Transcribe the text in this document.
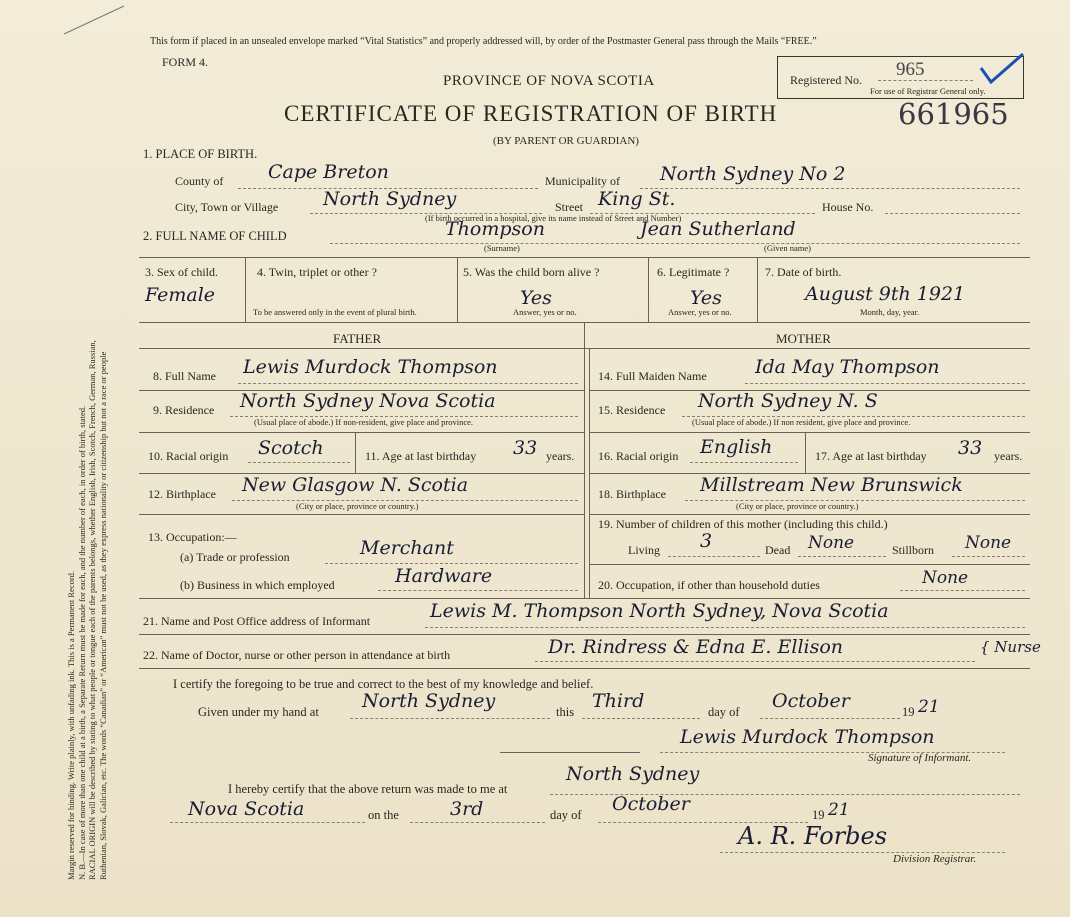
Margin reserved for binding. Write plainly, with unfading ink. This is a Permanent Record. N. B.—In case of more than one child at a birth, a Separate Return must be made for each, and the number of each, in order of birth, stated. RACIAL ORIGIN will be described by stating to what people or tongue each of the parents belongs, whether English, Irish, Scotch, French, German, Russian, Ruthenian, Slovak, Galician, etc. The words “Canadian” or “American” must not be used, as they express nationality or citizenship but not a race or people
This form if placed in an unsealed envelope marked “Vital Statistics” and properly addressed will, by order of the Postmaster General pass through the Mails “FREE.”
FORM 4.
PROVINCE OF NOVA SCOTIA
CERTIFICATE OF REGISTRATION OF BIRTH
(BY PARENT OR GUARDIAN)
661965
Registered No. 965
For use of Registrar General only.
1. PLACE OF BIRTH.
County of Cape Breton	Municipality of North Sydney No 2
City, Town or Village North Sydney	Street King St.	House No.
(If birth occurred in a hospital, give its name instead of Street and Number)
2. FULL NAME OF CHILD	Thompson	Jean Sutherland
(Surname)	(Given name)
3. Sex of child.
Female
4. Twin, triplet or other ?
To be answered only in the event of plural birth.
5. Was the child born alive ?
Yes
Answer, yes or no.
6. Legitimate ?
Yes
Answer, yes or no.
7. Date of birth.
August 9th 1921
Month, day, year.
FATHER	MOTHER
8. Full Name Lewis Murdock Thompson
9. Residence North Sydney Nova Scotia
(Usual place of abode.) If non-resident, give place and province.
10. Racial origin Scotch	11. Age at last birthday 33 years.
12. Birthplace New Glasgow N. Scotia
(City or place, province or country.)
13. Occupation:—
(a) Trade or profession	Merchant
(b) Business in which employed	Hardware
14. Full Maiden Name	Ida May Thompson
15. Residence North Sydney N. S
(Usual place of abode.) If non resident, give place and province.
16. Racial origin English	17. Age at last birthday 33 years.
18. Birthplace Millstream New Brunswick
(City or place, province or country.)
19. Number of children of this mother (including this child.)
Living 3	Dead None	Stillborn None
20. Occupation, if other than household duties	None
21. Name and Post Office address of Informant	Lewis M. Thompson North Sydney, Nova Scotia
22. Name of Doctor, nurse or other person in attendance at birth	Dr. Rindress & Edna E. Ellison	{ Nurse
I certify the foregoing to be true and correct to the best of my knowledge and belief.
Given under my hand at North Sydney	this Third	day of October	19 21
Lewis Murdock Thompson
Signature of Informant.
I hereby certify that the above return was made to me at
North Sydney
Nova Scotia	on the	3rd	day of October	19 21
A. R. Forbes
Division Registrar.
